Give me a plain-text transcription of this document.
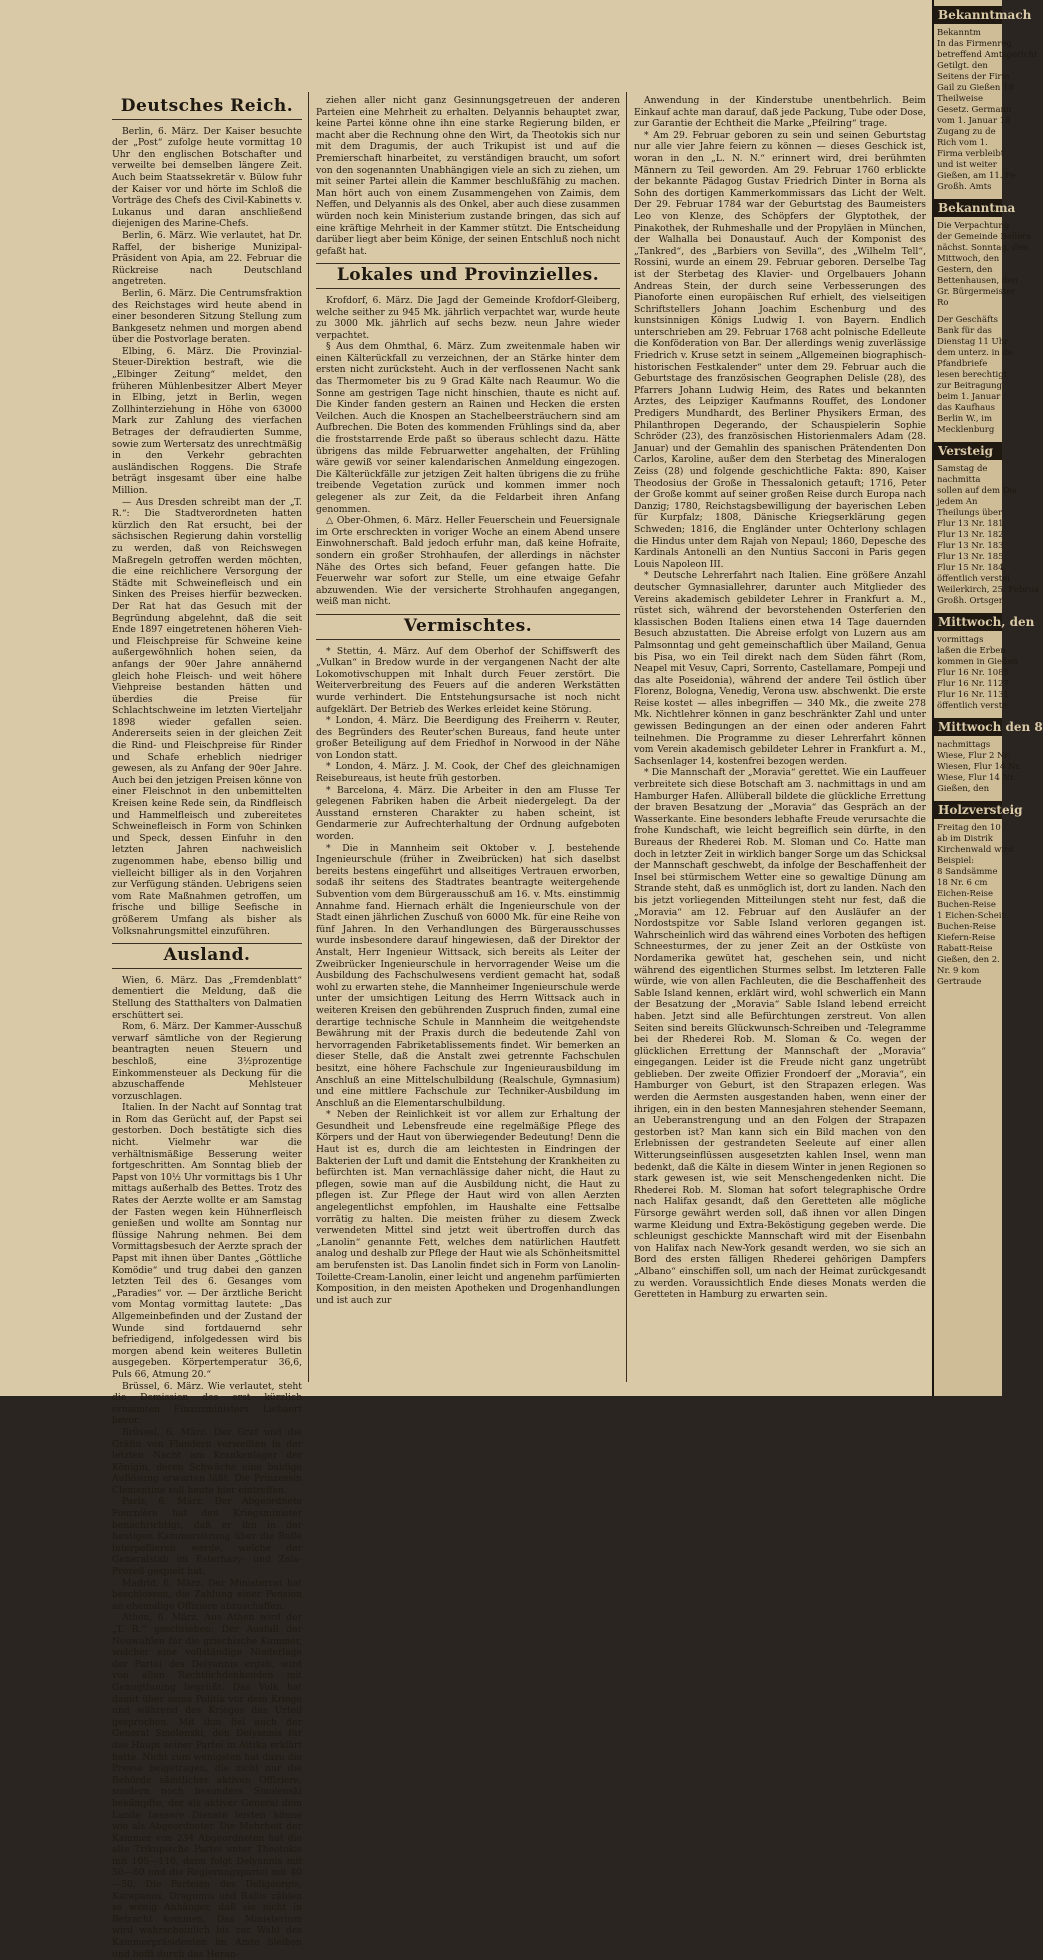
Deutsches Reich.

Berlin, 6. März. Der Kaiser besuchte der „Post“ zufolge heute vormittag 10 Uhr den englischen Botschafter und verweilte bei demselben längere Zeit. Auch beim Staatssekretär v. Bülow fuhr der Kaiser vor und hörte im Schloß die Vorträge des Chefs des Civil-Kabinetts v. Lukanus und daran anschließend diejenigen des Marine-Chefs.

Berlin, 6. März. Wie verlautet, hat Dr. Raffel, der bisherige Munizipal-Präsident von Apia, am 22. Februar die Rückreise nach Deutschland angetreten.

Berlin, 6. März. Die Centrumsfraktion des Reichstages wird heute abend in einer besonderen Sitzung Stellung zum Bankgesetz nehmen und morgen abend über die Postvorlage beraten.

Elbing, 6. März. Die Provinzial-Steuer-Direktion bestraft, wie die „Elbinger Zeitung“ meldet, den früheren Mühlenbesitzer Albert Meyer in Elbing, jetzt in Berlin, wegen Zollhinterziehung in Höhe von 63000 Mark zur Zahlung des vierfachen Betrages der defraudierten Summe, sowie zum Wertersatz des unrechtmäßig in den Verkehr gebrachten ausländischen Roggens. Die Strafe beträgt insgesamt über eine halbe Million.

— Aus Dresden schreibt man der „T. R.“: Die Stadtverordneten hatten kürzlich den Rat ersucht, bei der sächsischen Regierung dahin vorstellig zu werden, daß von Reichswegen Maßregeln getroffen werden möchten, die eine reichlichere Versorgung der Städte mit Schweinefleisch und ein Sinken des Preises hierfür bezwecken. Der Rat hat das Gesuch mit der Begründung abgelehnt, daß die seit Ende 1897 eingetretenen höheren Vieh- und Fleischpreise für Schweine keine außergewöhnlich hohen seien, da anfangs der 90er Jahre annähernd gleich hohe Fleisch- und weit höhere Viehpreise bestanden hätten und überdies die Preise für Schlachtschweine im letzten Vierteljahr 1898 wieder gefallen seien. Andererseits seien in der gleichen Zeit die Rind- und Fleischpreise für Rinder und Schafe erheblich niedriger gewesen, als zu Anfang der 90er Jahre. Auch bei den jetzigen Preisen könne von einer Fleischnot in den unbemittelten Kreisen keine Rede sein, da Rindfleisch und Hammelfleisch und zubereitetes Schweinefleisch in Form von Schinken und Speck, dessen Einfuhr in den letzten Jahren nachweislich zugenommen habe, ebenso billig und vielleicht billiger als in den Vorjahren zur Verfügung ständen. Uebrigens seien vom Rate Maßnahmen getroffen, um frische und billige Seefische in größerem Umfang als bisher als Volksnahrungsmittel einzuführen.

Ausland.

Wien, 6. März. Das „Fremdenblatt“ dementiert die Meldung, daß die Stellung des Statthalters von Dalmatien erschüttert sei.

Rom, 6. März. Der Kammer-Ausschuß verwarf sämtliche von der Regierung beantragten neuen Steuern und beschloß, eine 3½prozentige Einkommensteuer als Deckung für die abzuschaffende Mehlsteuer vorzuschlagen.

Italien. In der Nacht auf Sonntag trat in Rom das Gerücht auf, der Papst sei gestorben. Doch bestätigte sich dies nicht. Vielmehr war die verhältnismäßige Besserung weiter fortgeschritten. Am Sonntag blieb der Papst von 10½ Uhr vormittags bis 1 Uhr mittags außerhalb des Bettes. Trotz des Rates der Aerzte wollte er am Samstag der Fasten wegen kein Hühnerfleisch genießen und wollte am Sonntag nur flüssige Nahrung nehmen. Bei dem Vormittagsbesuch der Aerzte sprach der Papst mit ihnen über Dantes „Göttliche Komödie“ und trug dabei den ganzen letzten Teil des 6. Gesanges vom „Paradies“ vor. — Der ärztliche Bericht vom Montag vormittag lautete: „Das Allgemeinbefinden und der Zustand der Wunde sind fortdauernd sehr befriedigend, infolgedessen wird bis morgen abend kein weiteres Bulletin ausgegeben. Körpertemperatur 36,6, Puls 66, Atmung 20.“

Brüssel, 6. März. Wie verlautet, steht die Demission des erst kürzlich ernannten Finanzministers Liebaert bevor.

Brüssel, 6. März. Der Graf und die Gräfin von Flandern verweilten in der letzten Nacht am Krankenlager der Königin, deren Schwäche eine baldige Auflösung erwarten läßt. Die Prinzessin Clementine soll heute hier eintreffen.

Paris, 6. März. Der Abgeordnete Fournière hat den Kriegsminister benachrichtigt, daß er ihn in der heutigen Kammersitzung über die Rolle interpellieren werde, welche der Generalstab im Esterhazy- und Zola-Prozeß gespielt hat.

Madrid, 6. März. Der Ministerrat hat beschlossen, die Zahlung einer Pension an ehemalige Offiziere abzuschaffen.

Athen, 6. März. Aus Athen wird der „T. R.“ geschrieben: Der Ausfall der Neuwahlen für die griechische Kammer, welcher eine vollständige Niederlage der Partei des Delyannis ergab, wird von allen Rechtlichdenkenden mit Genugthuung begrüßt. Das Volk hat damit über seine Politik vor dem Kriege und während des Krieges das Urteil gesprochen. Mit ihm fiel auch der General Smolenski, den Delyannis für das Haupt seiner Partei in Attika erklärt hatte. Nicht zum wenigsten hat dazu die Presse beigetragen, die nicht nur die Behörde sämtlicher aktiven Offiziere, sondern noch besonders Smolenski bekämpfte, der als aktiver General dem Lande bessere Dienste leisten könne wie als Abgeordneter. Die Mehrheit der Kammer von 234 Abgeordneten hat die alte Trikupische Partei unter Theotokis mit 105—110, dann folgt Delyannis mit 50—60 und die Regierungspartei mit 40—50. Die Parteien des Deligeorgis, Karapanos, Dragumis und Rallis zählen so wenig Anhänger, daß sie nicht in Betracht kommen. Das Ministerium wird wahrscheinlich bis zur Wahl des Kammerpräsidenten im Amte bleiben und hofft durch das Heran-

ziehen aller nicht ganz Gesinnungsgetreuen der anderen Parteien eine Mehrheit zu erhalten. Delyannis behauptet zwar, keine Partei könne ohne ihn eine starke Regierung bilden, er macht aber die Rechnung ohne den Wirt, da Theotokis sich nur mit dem Dragumis, der auch Trikupist ist und auf die Premierschaft hinarbeitet, zu verständigen braucht, um sofort von den sogenannten Unabhängigen viele an sich zu ziehen, um mit seiner Partei allein die Kammer beschlußfähig zu machen. Man hört auch von einem Zusammengehen von Zaimis, dem Neffen, und Delyannis als des Onkel, aber auch diese zusammen würden noch kein Ministerium zustande bringen, das sich auf eine kräftige Mehrheit in der Kammer stützt. Die Entscheidung darüber liegt aber beim Könige, der seinen Entschluß noch nicht gefaßt hat.

Lokales und Provinzielles.

Krofdorf, 6. März. Die Jagd der Gemeinde Krofdorf-Gleiberg, welche seither zu 945 Mk. jährlich verpachtet war, wurde heute zu 3000 Mk. jährlich auf sechs bezw. neun Jahre wieder verpachtet.

§ Aus dem Ohmthal, 6. März. Zum zweitenmale haben wir einen Kälterückfall zu verzeichnen, der an Stärke hinter dem ersten nicht zurücksteht. Auch in der verflossenen Nacht sank das Thermometer bis zu 9 Grad Kälte nach Reaumur. Wo die Sonne am gestrigen Tage nicht hinschien, thaute es nicht auf. Die Kinder fanden gestern an Rainen und Hecken die ersten Veilchen. Auch die Knospen an Stachelbeersträuchern sind am Aufbrechen. Die Boten des kommenden Frühlings sind da, aber die froststarrende Erde paßt so überaus schlecht dazu. Hätte übrigens das milde Februarwetter angehalten, der Frühling wäre gewiß vor seiner kalendarischen Anmeldung eingezogen. Die Kälterückfälle zur jetzigen Zeit halten übrigens die zu frühe treibende Vegetation zurück und kommen immer noch gelegener als zur Zeit, da die Feldarbeit ihren Anfang genommen.

△ Ober-Ohmen, 6. März. Heller Feuerschein und Feuersignale im Orte erschreckten in voriger Woche an einem Abend unsere Einwohnerschaft. Bald jedoch erfuhr man, daß keine Hofraite, sondern ein großer Strohhaufen, der allerdings in nächster Nähe des Ortes sich befand, Feuer gefangen hatte. Die Feuerwehr war sofort zur Stelle, um eine etwaige Gefahr abzuwenden. Wie der versicherte Strohhaufen angegangen, weiß man nicht.

Vermischtes.

* Stettin, 4. März. Auf dem Oberhof der Schiffswerft des „Vulkan“ in Bredow wurde in der vergangenen Nacht der alte Lokomotivschuppen mit Inhalt durch Feuer zerstört. Die Weiterverbreitung des Feuers auf die anderen Werkstätten wurde verhindert. Die Entstehungsursache ist noch nicht aufgeklärt. Der Betrieb des Werkes erleidet keine Störung.

* London, 4. März. Die Beerdigung des Freiherrn v. Reuter, des Begründers des Reuter'schen Bureaus, fand heute unter großer Beteiligung auf dem Friedhof in Norwood in der Nähe von London statt.

* London, 4. März. J. M. Cook, der Chef des gleichnamigen Reisebureaus, ist heute früh gestorben.

* Barcelona, 4. März. Die Arbeiter in den am Flusse Ter gelegenen Fabriken haben die Arbeit niedergelegt. Da der Ausstand ernsteren Charakter zu haben scheint, ist Gendarmerie zur Aufrechterhaltung der Ordnung aufgeboten worden.

* Die in Mannheim seit Oktober v. J. bestehende Ingenieurschule (früher in Zweibrücken) hat sich daselbst bereits bestens eingeführt und allseitiges Vertrauen erworben, sodaß ihr seitens des Stadtrates beantragte weitergehende Subvention vom dem Bürgerausschuß am 16. v. Mts. einstimmig Annahme fand. Hiernach erhält die Ingenieurschule von der Stadt einen jährlichen Zuschuß von 6000 Mk. für eine Reihe von fünf Jahren. In den Verhandlungen des Bürgerausschusses wurde insbesondere darauf hingewiesen, daß der Direktor der Anstalt, Herr Ingenieur Wittsack, sich bereits als Leiter der Zweibrücker Ingenieurschule in hervorragender Weise um die Ausbildung des Fachschulwesens verdient gemacht hat, sodaß wohl zu erwarten stehe, die Mannheimer Ingenieurschule werde unter der umsichtigen Leitung des Herrn Wittsack auch in weiteren Kreisen den gebührenden Zuspruch finden, zumal eine derartige technische Schule in Mannheim die weitgehendste Bewährung mit der Praxis durch die bedeutende Zahl von hervorragenden Fabriketablissements findet. Wir bemerken an dieser Stelle, daß die Anstalt zwei getrennte Fachschulen besitzt, eine höhere Fachschule zur Ingenieurausbildung im Anschluß an eine Mittelschulbildung (Realschule, Gymnasium) und eine mittlere Fachschule zur Techniker-Ausbildung im Anschluß an die Elementarschulbildung.

* Neben der Reinlichkeit ist vor allem zur Erhaltung der Gesundheit und Lebensfreude eine regelmäßige Pflege des Körpers und der Haut von überwiegender Bedeutung! Denn die Haut ist es, durch die am leichtesten in Eindringen der Bakterien der Luft und damit die Entstehung der Krankheiten zu befürchten ist. Man vernachlässige daher nicht, die Haut zu pflegen, sowie man auf die Ausbildung nicht, die Haut zu pflegen ist. Zur Pflege der Haut wird von allen Aerzten angelegentlichst empfohlen, im Haushalte eine Fettsalbe vorrätig zu halten. Die meisten früher zu diesem Zweck verwendeten Mittel sind jetzt weit übertroffen durch das „Lanolin“ genannte Fett, welches dem natürlichen Hautfett analog und deshalb zur Pflege der Haut wie als Schönheitsmittel am berufensten ist. Das Lanolin findet sich in Form von Lanolin-Toilette-Cream-Lanolin, einer leicht und angenehm parfümierten Komposition, in den meisten Apotheken und Drogenhandlungen und ist auch zur

Anwendung in der Kinderstube unentbehrlich. Beim Einkauf achte man darauf, daß jede Packung, Tube oder Dose, zur Garantie der Echtheit die Marke „Pfeilring“ trage.

* Am 29. Februar geboren zu sein und seinen Geburtstag nur alle vier Jahre feiern zu können — dieses Geschick ist, woran in den „L. N. N.“ erinnert wird, drei berühmten Männern zu Teil geworden. Am 29. Februar 1760 erblickte der bekannte Pädagog Gustav Friedrich Dinter in Borna als Sohn des dortigen Kammerkommissars das Licht der Welt. Der 29. Februar 1784 war der Geburtstag des Baumeisters Leo von Klenze, des Schöpfers der Glyptothek, der Pinakothek, der Ruhmeshalle und der Propyläen in München, der Walhalla bei Donaustauf. Auch der Komponist des „Tankred“, des „Barbiers von Sevilla“, des „Wilhelm Tell“, Rossini, wurde an einem 29. Februar geboren. Derselbe Tag ist der Sterbetag des Klavier- und Orgelbauers Johann Andreas Stein, der durch seine Verbesserungen des Pianoforte einen europäischen Ruf erhielt, des vielseitigen Schriftstellers Johann Joachim Eschenburg und des kunstsinnigen Königs Ludwig I. von Bayern. Endlich unterschrieben am 29. Februar 1768 acht polnische Edelleute die Konföderation von Bar. Der allerdings wenig zuverlässige Friedrich v. Kruse setzt in seinem „Allgemeinen biographisch-historischen Festkalender“ unter dem 29. Februar auch die Geburtstage des französischen Geographen Delisle (28), des Pfarrers Johann Ludwig Heim, des Rates und bekannten Arztes, des Leipziger Kaufmanns Rouffet, des Londoner Predigers Mundhardt, des Berliner Physikers Erman, des Philanthropen Degerando, der Schauspielerin Sophie Schröder (23), des französischen Historienmalers Adam (28. Januar) und der Gemahlin des spanischen Prätendenten Don Carlos, Karoline, außer dem den Sterbetag des Mineralogen Zeiss (28) und folgende geschichtliche Fakta: 890, Kaiser Theodosius der Große in Thessalonich getauft; 1716, Peter der Große kommt auf seiner großen Reise durch Europa nach Danzig; 1780, Reichstagsbewilligung der bayerischen Leben für Kurpfalz; 1808, Dänische Kriegserklärung gegen Schweden; 1816, die Engländer unter Ochterlony schlagen die Hindus unter dem Rajah von Nepaul; 1860, Depesche des Kardinals Antonelli an den Nuntius Sacconi in Paris gegen Louis Napoleon III.

* Deutsche Lehrerfahrt nach Italien. Eine größere Anzahl deutscher Gymnasiallehrer, darunter auch Mitglieder des Vereins akademisch gebildeter Lehrer in Frankfurt a. M., rüstet sich, während der bevorstehenden Osterferien den klassischen Boden Italiens einen etwa 14 Tage dauernden Besuch abzustatten. Die Abreise erfolgt von Luzern aus am Palmsonntag und geht gemeinschaftlich über Mailand, Genua bis Pisa, wo ein Teil direkt nach dem Süden fährt (Rom, Neapel mit Vesuv, Capri, Sorrento, Castellamare, Pompeji und das alte Poseidonia), während der andere Teil östlich über Florenz, Bologna, Venedig, Verona usw. abschwenkt. Die erste Reise kostet — alles inbegriffen — 340 Mk., die zweite 278 Mk. Nichtlehrer können in ganz beschränkter Zahl und unter gewissen Bedingungen an der einen oder anderen Fahrt teilnehmen. Die Programme zu dieser Lehrerfahrt können vom Verein akademisch gebildeter Lehrer in Frankfurt a. M., Sachsenlager 14, kostenfrei bezogen werden.

* Die Mannschaft der „Moravia“ gerettet. Wie ein Lauffeuer verbreitete sich diese Botschaft am 3. nachmittags in und am Hamburger Hafen. Allüberall bildete die glückliche Errettung der braven Besatzung der „Moravia“ das Gespräch an der Wasserkante. Eine besonders lebhafte Freude verursachte die frohe Kundschaft, wie leicht begreiflich sein dürfte, in den Bureaus der Rhederei Rob. M. Sloman und Co. Hatte man doch in letzter Zeit in wirklich banger Sorge um das Schicksal der Mannschaft geschwebt, da infolge der Beschaffenheit der Insel bei stürmischem Wetter eine so gewaltige Dünung am Strande steht, daß es unmöglich ist, dort zu landen. Nach den bis jetzt vorliegenden Mitteilungen steht nur fest, daß die „Moravia“ am 12. Februar auf den Ausläufer an der Nordostspitze vor Sable Island verloren gegangen ist. Wahrscheinlich wird das während eines Vorboten des heftigen Schneesturmes, der zu jener Zeit an der Ostküste von Nordamerika gewütet hat, geschehen sein, und nicht während des eigentlichen Sturmes selbst. Im letzteren Falle würde, wie von allen Fachleuten, die die Beschaffenheit des Sable Island kennen, erklärt wird, wohl schwerlich ein Mann der Besatzung der „Moravia“ Sable Island lebend erreicht haben. Jetzt sind alle Befürchtungen zerstreut. Von allen Seiten sind bereits Glückwunsch-Schreiben und -Telegramme bei der Rhederei Rob. M. Sloman & Co. wegen der glücklichen Errettung der Mannschaft der „Moravia“ eingegangen. Leider ist die Freude nicht ganz ungetrübt geblieben. Der zweite Offizier Frondoerf der „Moravia“, ein Hamburger von Geburt, ist den Strapazen erlegen. Was werden die Aermsten ausgestanden haben, wenn einer der ihrigen, ein in den besten Mannesjahren stehender Seemann, an Ueberanstrengung und an den Folgen der Strapazen gestorben ist? Man kann sich ein Bild machen von den Erlebnissen der gestrandeten Seeleute auf einer allen Witterungseinflüssen ausgesetzten kahlen Insel, wenn man bedenkt, daß die Kälte in diesem Winter in jenen Regionen so stark gewesen ist, wie seit Menschengedenken nicht. Die Rhederei Rob. M. Sloman hat sofort telegraphische Ordre nach Halifax gesandt, daß den Geretteten alle mögliche Fürsorge gewährt werden soll, daß ihnen vor allen Dingen warme Kleidung und Extra-Beköstigung gegeben werde. Die schleunigst geschickte Mannschaft wird mit der Eisenbahn von Halifax nach New-York gesandt werden, wo sie sich an Bord des ersten fälligen Rhederei gehörigen Dampfers „Albano“ einschiffen soll, um nach der Heimat zurückgesandt zu werden. Voraussichtlich Ende dieses Monats werden die Geretteten in Hamburg zu erwarten sein.

Bekanntmach
Bekanntm
In das Firmenreg
betreffend Amtsgericht
Getilgt. den
Seitens der Firm
Gail zu Gießen 18
Theilweise
Gesetz. Germann
vom 1. Januar 18
Zugang zu de
Rich vom 1.
Firma verbleibt
und ist weiter
Gießen, am 11. Fe
Großh. Amts
Bekanntma
Die Verpachtung
der Gemeinde Bellers
nächst. Sonntag, den
Mittwoch, den
Gestern, den
Bettenhausen, den
Gr. Bürgermeister
Ro
Der Geschäfts
Bank für das
Dienstag 11 Uhr
dem unterz. in de
Pfandbriefe
lesen berechtigt
zur Beitragung
beim 1. Januar
das Kaufhaus
Berlin W., im
Mecklenburg
Versteig
Samstag de
nachmitta
sollen auf dem Dis
jedem An
Theilungs über
Flur 13 Nr. 181
Flur 13 Nr. 182
Flur 13 Nr. 183
Flur 13 Nr. 185
Flur 15 Nr. 184
öffentlich verstei
Weilerkirch, 25. Februa
Großh. Ortsger
Mittwoch, den
vormittags
laßen die Erben
kommen in Gießen
Flur 16 Nr. 1085
Flur 16 Nr. 1127
Flur 16 Nr. 1131
öffentlich verste
Mittwoch den 8
nachmittags
Wiese, Flur 2 Nr.
Wiesen, Flur 14 Nr.
Wiese, Flur 14 Nr.
Gießen, den
Holzversteig
Freitag den 10
ab im Distrik
Kirchenwald wird
Beispiel:
8 Sandsämme
18 Nr. 6 cm
Eichen-Reise
Buchen-Reise
1 Eichen-Scheit
Buchen-Reise
Kiefern-Reise
Rabatt-Reise
Gießen, den 2.
Nr. 9 kom
Gertraude
